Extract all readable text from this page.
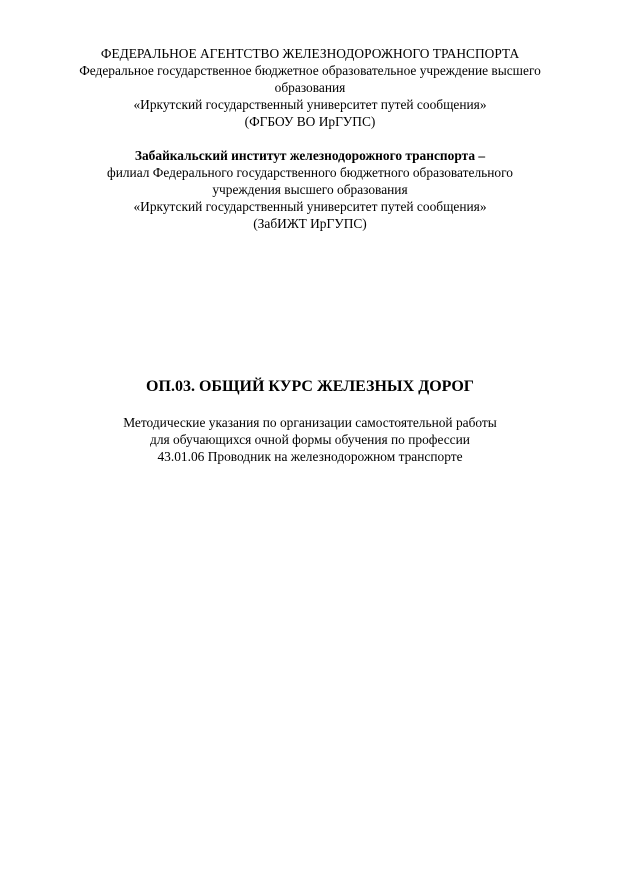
ФЕДЕРАЛЬНОЕ АГЕНТСТВО ЖЕЛЕЗНОДОРОЖНОГО ТРАНСПОРТА
Федеральное государственное бюджетное образовательное учреждение высшего
образования
«Иркутский государственный университет путей сообщения»
(ФГБОУ ВО ИрГУПС)
Забайкальский институт железнодорожного транспорта –
филиал Федерального государственного бюджетного образовательного
учреждения высшего образования
«Иркутский государственный университет путей сообщения»
(ЗабИЖТ ИрГУПС)
ОП.03. ОБЩИЙ КУРС ЖЕЛЕЗНЫХ ДОРОГ
Методические указания по организации самостоятельной работы
для обучающихся очной формы обучения по профессии
43.01.06 Проводник на железнодорожном транспорте
